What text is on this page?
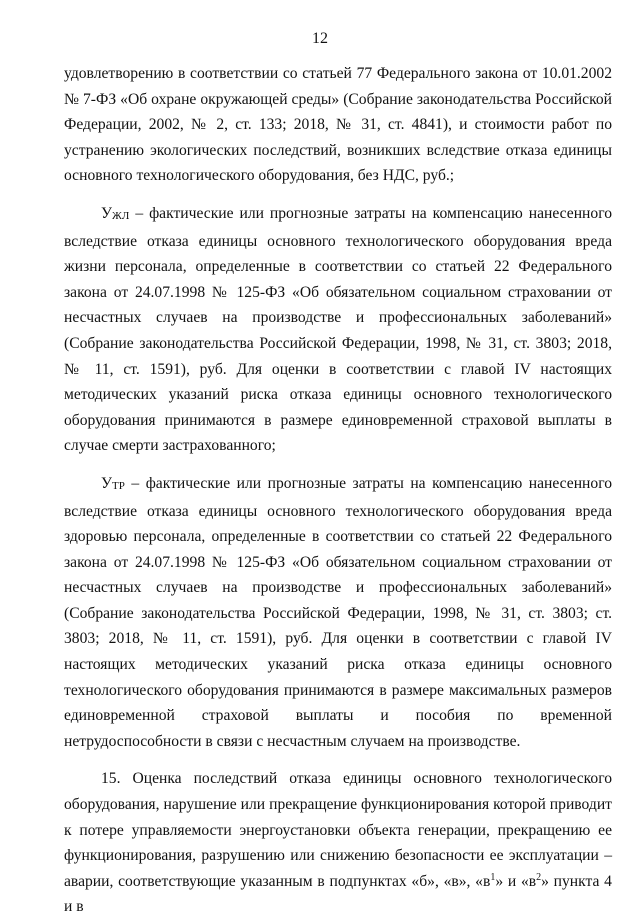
12

удовлетворению в соответствии со статьей 77 Федерального закона от 10.01.2002 № 7-ФЗ «Об охране окружающей среды» (Собрание законодательства Российской Федерации, 2002, № 2, ст. 133; 2018, № 31, ст. 4841), и стоимости работ по устранению экологических последствий, возникших вследствие отказа единицы основного технологического оборудования, без НДС, руб.;

УЖЛ – фактические или прогнозные затраты на компенсацию нанесенного вследствие отказа единицы основного технологического оборудования вреда жизни персонала, определенные в соответствии со статьей 22 Федерального закона от 24.07.1998 № 125-ФЗ «Об обязательном социальном страховании от несчастных случаев на производстве и профессиональных заболеваний» (Собрание законодательства Российской Федерации, 1998, № 31, ст. 3803; 2018, № 11, ст. 1591), руб. Для оценки в соответствии с главой IV настоящих методических указаний риска отказа единицы основного технологического оборудования принимаются в размере единовременной страховой выплаты в случае смерти застрахованного;

УТР – фактические или прогнозные затраты на компенсацию нанесенного вследствие отказа единицы основного технологического оборудования вреда здоровью персонала, определенные в соответствии со статьей 22 Федерального закона от 24.07.1998 № 125-ФЗ «Об обязательном социальном страховании от несчастных случаев на производстве и профессиональных заболеваний» (Собрание законодательства Российской Федерации, 1998, № 31, ст. 3803; ст. 3803; 2018, № 11, ст. 1591), руб. Для оценки в соответствии с главой IV настоящих методических указаний риска отказа единицы основного технологического оборудования принимаются в размере максимальных размеров единовременной страховой выплаты и пособия по временной нетрудоспособности в связи с несчастным случаем на производстве.

15. Оценка последствий отказа единицы основного технологического оборудования, нарушение или прекращение функционирования которой приводит к потере управляемости энергоустановки объекта генерации, прекращению ее функционирования, разрушению или снижению безопасности ее эксплуатации – аварии, соответствующие указанным в подпунктах «б», «в», «$в^1$» и «$в^2$» пункта 4 и в
